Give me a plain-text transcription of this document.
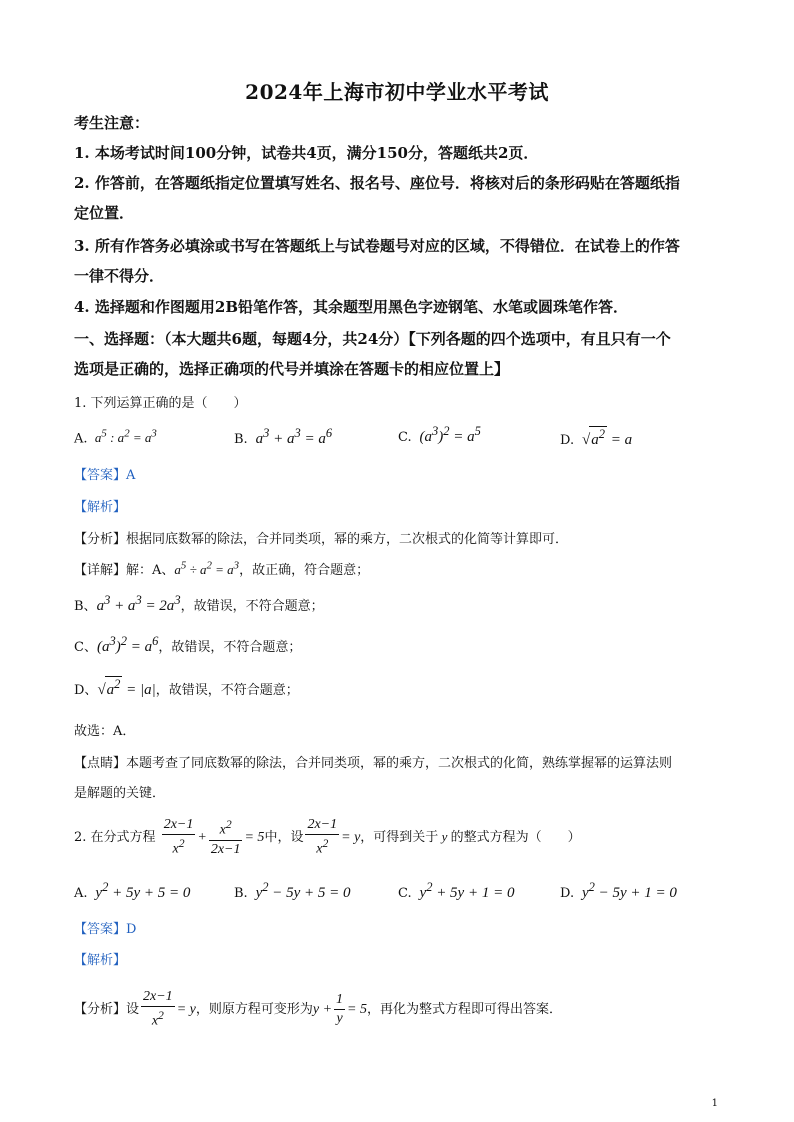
2024年上海市初中学业水平考试
考生注意：
1. 本场考试时间100分钟，试卷共4页，满分150分，答题纸共2页．
2. 作答前，在答题纸指定位置填写姓名、报名号、座位号．将核对后的条形码贴在答题纸指
定位置．
3. 所有作答务必填涂或书写在答题纸上与试卷题号对应的区域，不得错位．在试卷上的作答
一律不得分．
4. 选择题和作图题用2B铅笔作答，其余题型用黑色字迹钢笔、水笔或圆珠笔作答．
一、选择题：（本大题共6题，每题4分，共24分）【下列各题的四个选项中，有且只有一个
选项是正确的，选择正确项的代号并填涂在答题卡的相应位置上】
1. 下列运算正确的是（　　）
A.  $a^5$ : $a^2 = a^3$	B.  $a^3 + a^3 = a^6$	C.  $(a^3)^2 = a^5$
D.  $√a^2 = a$
【答案】A
【解析】
【分析】根据同底数幂的除法，合并同类项，幂的乘方，二次根式的化简等计算即可．
【详解】解：A、$a^5 \div a^2 = a^3$，故正确，符合题意；
B、$a^3 + a^3 = 2a^3$，故错误，不符合题意；
C、$(a^3)^2 = a^6$，故错误，不符合题意；
D、$√a^2 = |a|$，故错误，不符合题意；
故选：A．
【点睛】本题考查了同底数幂的除法，合并同类项，幂的乘方，二次根式的化简，熟练掌握幂的运算法则
是解题的关键．
2. 在分式方程 $\frac{2x-1}{x^2} + \frac{x^2}{2x-1} = 5$中，设 $\frac{2x-1}{x^2} = y$，可得到关于 y 的整式方程为（　　）
A.  $y^2 + 5y + 5 = 0$	B.  $y^2 - 5y + 5 = 0$	C.  $y^2 + 5y + 1 = 0$	D.  $y^2 - 5y + 1 = 0$
【答案】D
【解析】
【分析】设 $\frac{2x-1}{x^2} = y$，则原方程可变形为$y + \frac{1}{y} = 5$，再化为整式方程即可得出答案．
1
